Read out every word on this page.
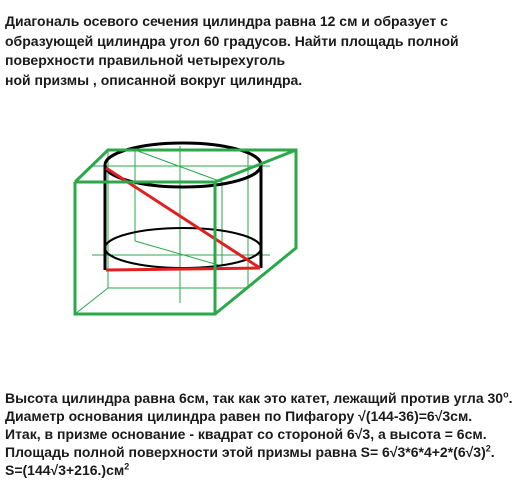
Диагональ осевого сечения цилиндра равна 12 см и образует с
образующей цилиндра угол 60 градусов. Найти площадь полной
поверхности правильной четырехуголь
ной призмы , описанной вокруг цилиндра.
Высота цилиндра равна 6см, так как это катет, лежащий против угла $30^о$.
Диаметр основания цилиндра равен по Пифагору √(144-36)=6√3см.
Итак, в призме основание - квадрат со стороной 6√3, а высота = 6см.
Площадь полной поверхности этой призмы равна $S= 6√3*6*4+2*(6√3)^2$.
$S=(144√3+216.)см^2$
